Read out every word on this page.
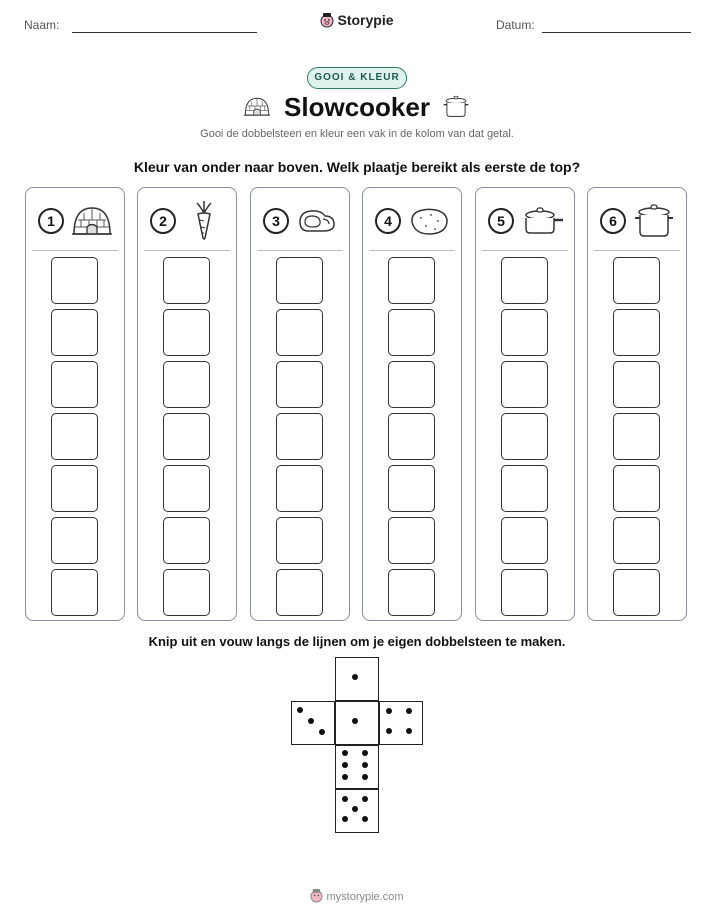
Naam:	Storypie	Datum:
GOOI & KLEUR
Slowcooker
Gooi de dobbelsteen en kleur een vak in de kolom van dat getal.
Kleur van onder naar boven. Welk plaatje bereikt als eerste de top?
1	2	3	4	5	6
Knip uit en vouw langs de lijnen om je eigen dobbelsteen te maken.
mystorypie.com
